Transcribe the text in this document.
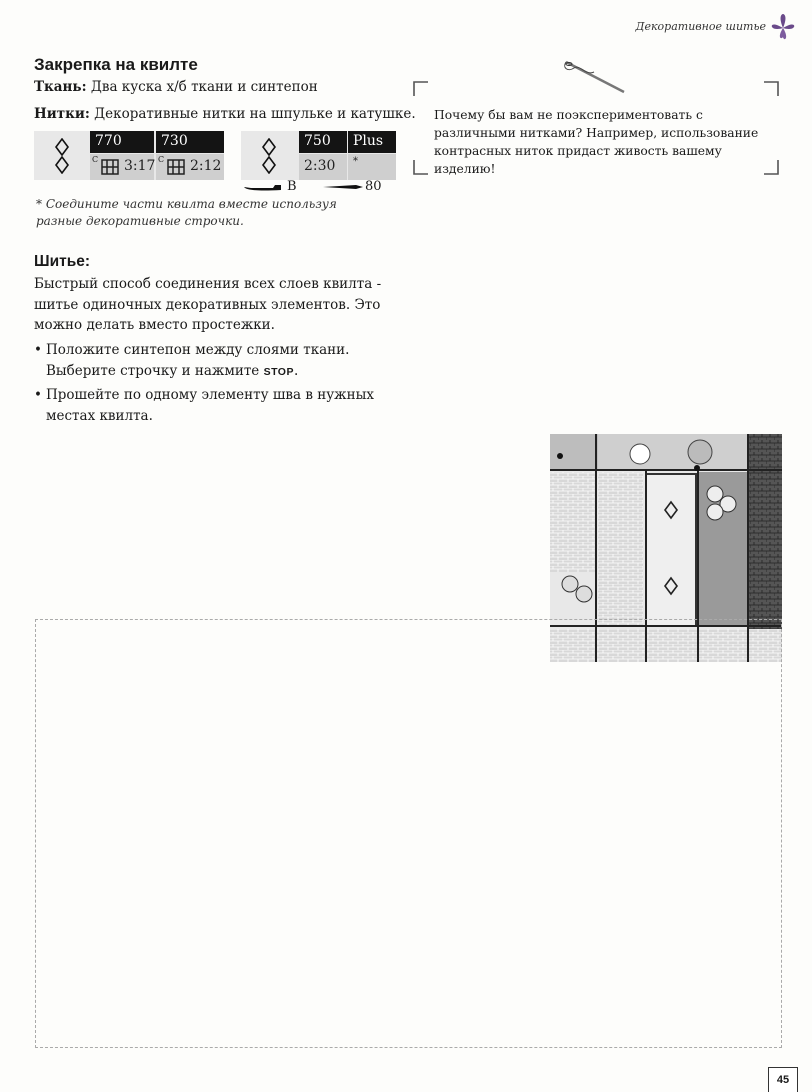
Декоративное шитье
Закрепка на квилте
Ткань: Два куска х/б ткани и синтепон
Нитки: Декоративные нитки на шпульке и катушке.
770	730
C 3:17 C 2:12
750 Plus
2:30 *
B	80
* Соедините части квилта вместе используя разные декоративные строчки.
Шитье:
Быстрый способ соединения всех слоев квилта - шитье одиночных декоративных элементов. Это можно делать вместо простежки.
• Положите синтепон между слоями ткани. Выберите строчку и нажмите STOP.
• Прошейте по одному элементу шва в нужных местах квилта.
Почему бы вам не поэкспериментовать с различными нитками? Например, использование контрасных ниток придаст живость вашему изделию!
45
